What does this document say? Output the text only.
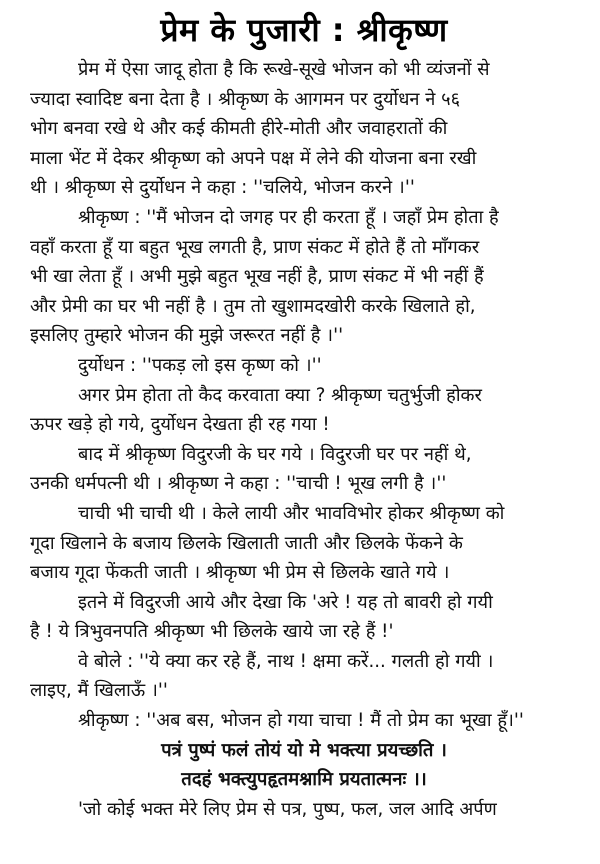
प्रेम के पुजारी : श्रीकृष्ण
प्रेम में ऐसा जादू होता है कि रूखे-सूखे भोजन को भी व्यंजनों से
ज्यादा स्वादिष्ट बना देता है । श्रीकृष्ण के आगमन पर दुर्योधन ने ५६
भोग बनवा रखे थे और कई कीमती हीरे-मोती और जवाहरातों की
माला भेंट में देकर श्रीकृष्ण को अपने पक्ष में लेने की योजना बना रखी
थी । श्रीकृष्ण से दुर्योधन ने कहा : ''चलिये, भोजन करने ।''
श्रीकृष्ण : ''मैं भोजन दो जगह पर ही करता हूँ । जहाँ प्रेम होता है
वहाँ करता हूँ या बहुत भूख लगती है, प्राण संकट में होते हैं तो माँगकर
भी खा लेता हूँ । अभी मुझे बहुत भूख नहीं है, प्राण संकट में भी नहीं हैं
और प्रेमी का घर भी नहीं है । तुम तो खुशामदखोरी करके खिलाते हो,
इसलिए तुम्हारे भोजन की मुझे जरूरत नहीं है ।''
दुर्योधन : ''पकड़ लो इस कृष्ण को ।''
अगर प्रेम होता तो कैद करवाता क्या ? श्रीकृष्ण चतुर्भुजी होकर
ऊपर खड़े हो गये, दुर्योधन देखता ही रह गया !
बाद में श्रीकृष्ण विदुरजी के घर गये । विदुरजी घर पर नहीं थे,
उनकी धर्मपत्नी थी । श्रीकृष्ण ने कहा : ''चाची ! भूख लगी है ।''
चाची भी चाची थी । केले लायी और भावविभोर होकर श्रीकृष्ण को
गूदा खिलाने के बजाय छिलके खिलाती जाती और छिलके फेंकने के
बजाय गूदा फेंकती जाती । श्रीकृष्ण भी प्रेम से छिलके खाते गये ।
इतने में विदुरजी आये और देखा कि 'अरे ! यह तो बावरी हो गयी
है ! ये त्रिभुवनपति श्रीकृष्ण भी छिलके खाये जा रहे हैं !'
वे बोले : ''ये क्या कर रहे हैं, नाथ ! क्षमा करें... गलती हो गयी ।
लाइए, मैं खिलाऊँ ।''
श्रीकृष्ण : ''अब बस, भोजन हो गया चाचा ! मैं तो प्रेम का भूखा हूँ।''
पत्रं पुष्पं फलं तोयं यो मे भक्त्या प्रयच्छति ।
तदहं भक्त्युपहृतमश्नामि प्रयतात्मनः ।।
'जो कोई भक्त मेरे लिए प्रेम से पत्र, पुष्प, फल, जल आदि अर्पण
